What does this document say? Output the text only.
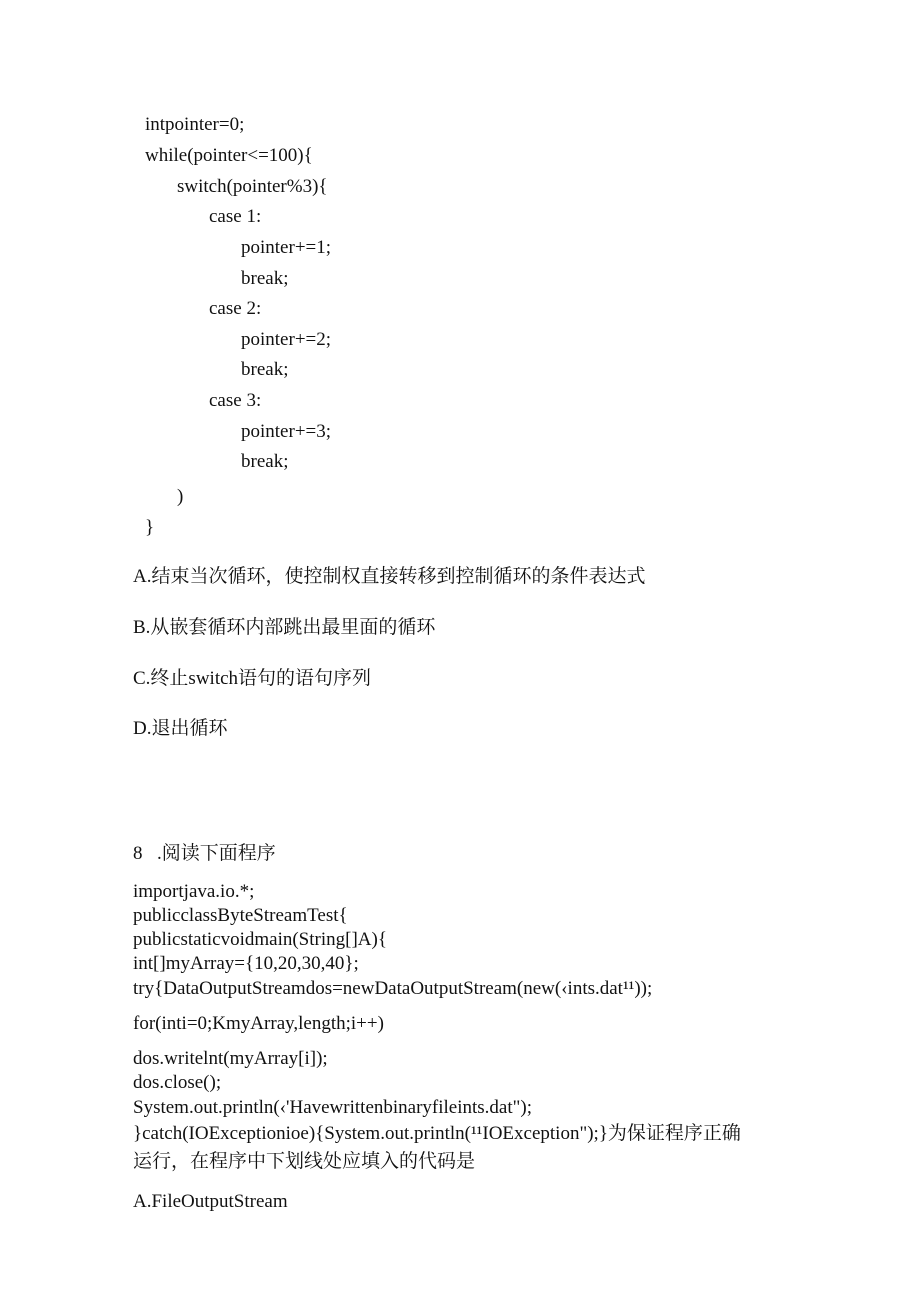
intpointer=0;

while(pointer<=100){

switch(pointer%3){

case 1:

pointer+=1;

break;

case 2:

pointer+=2;

break;

case 3:

pointer+=3;

break;

)

}

A.结束当次循环，使控制权直接转移到控制循环的条件表达式

B.从嵌套循环内部跳出最里面的循环

C.终止switch语句的语句序列

D.退出循环

8 .阅读下面程序

importjava.io.*;

publicclassByteStreamTest{

publicstaticvoidmain(String[]A){

int[]myArray={10,20,30,40};

try{DataOutputStreamdos=newDataOutputStream(new(‹ints.dat¹¹));

for(inti=0;KmyArray,length;i++)

dos.writelnt(myArray[i]);

dos.close();

System.out.println(‹'Havewrittenbinaryfileints.dat");

}catch(IOExceptionioe){System.out.println(¹¹IOException");}为保证程序正确

运行，在程序中下划线处应填入的代码是

A.FileOutputStream
